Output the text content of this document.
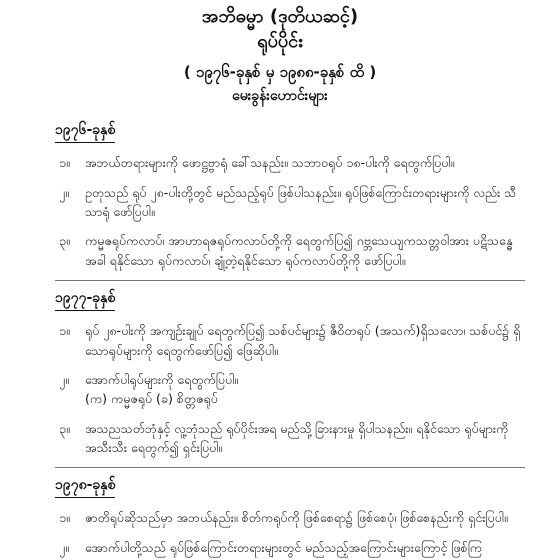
အဘိဓမ္မာ (ဒုတိယဆင့်)
ရုပ်ပိုင်း
( ၁၉၇၆-ခုနှစ် မှ ၁၉၈၈-ခုနှစ် ထိ )
မေးခွန်းဟောင်းများ
၁၉၇၆-ခုနှစ်
၁။	အဘယ်တရားများကို ဖောဋ္ဌဗ္ဗာရုံ ခေါ်သနည်း။ သဘာဝရုပ် ၁၈-ပါးကို ရေတွက်ပြပါ။
၂။	ဥတုသည် ရုပ် ၂၈-ပါးတို့တွင် မည်သည့်ရုပ် ဖြစ်ပါသနည်း။ ရုပ်ဖြစ်ကြောင်းတရားများကို လည်း သီသာရုံ ဖော်ပြပါ။
၃။	ကမ္မဇရုပ်ကလာပ်၊ အာဟာရဇရုပ်ကလာပ်တို့ကို ရေတွက်ပြ၍ ဂဗ္ဘသေယျကသတ္တဝါအား ပဋိသန္ဓေအခါ ရနိုင်သော ရုပ်ကလာပ်၊ ချုံ့တဲ့ရနိုင်သော ရုပ်ကလာပ်တို့ကို ဖော်ပြပါ။
၁၉၇၇-ခုနှစ်
၁။	ရုပ် ၂၈-ပါးကို အကျဉ်းချုပ် ရေတွက်ပြ၍ သစ်ပင်များ၌ ဇီဝိတရုပ် (အသက်)ရှိသလော၊ သစ်ပင်၌ ရှိသောရုပ်များကို ရေတွက်ဖော်ပြ၍ ဖြေဆိုပါ။
၂။	အောက်ပါရုပ်များကို ရေတွက်ပြပါ။
(က) ကမ္မဇရုပ် (ခ) စိတ္တဇရုပ်
၃။	အသညသတ်ဘုံနှင့် လူ့ဘုံသည် ရုပ်ပိုင်းအရ မည်သို့ခြားနားမှု ရှိပါသနည်း။ ရနိုင်သော ရုပ်များကို အသီးသီး ရေတွက်၍ ရှင်းပြပါ။
၁၉၇၈-ခုနှစ်
၁။	ဇာတိရုပ်ဆိုသည်မှာ အဘယ်နည်း။ စိတ်ကရုပ်ကို ဖြစ်စေရာ၌ ဖြစ်စေပုံ၊ ဖြစ်စေနည်းကို ရှင်းပြပါ။
၂။	အောက်ပါတို့သည် ရုပ်ဖြစ်ကြောင်းတရားများတွင် မည်သည့်အကြောင်းများကြောင့် ဖြစ်ကြ
